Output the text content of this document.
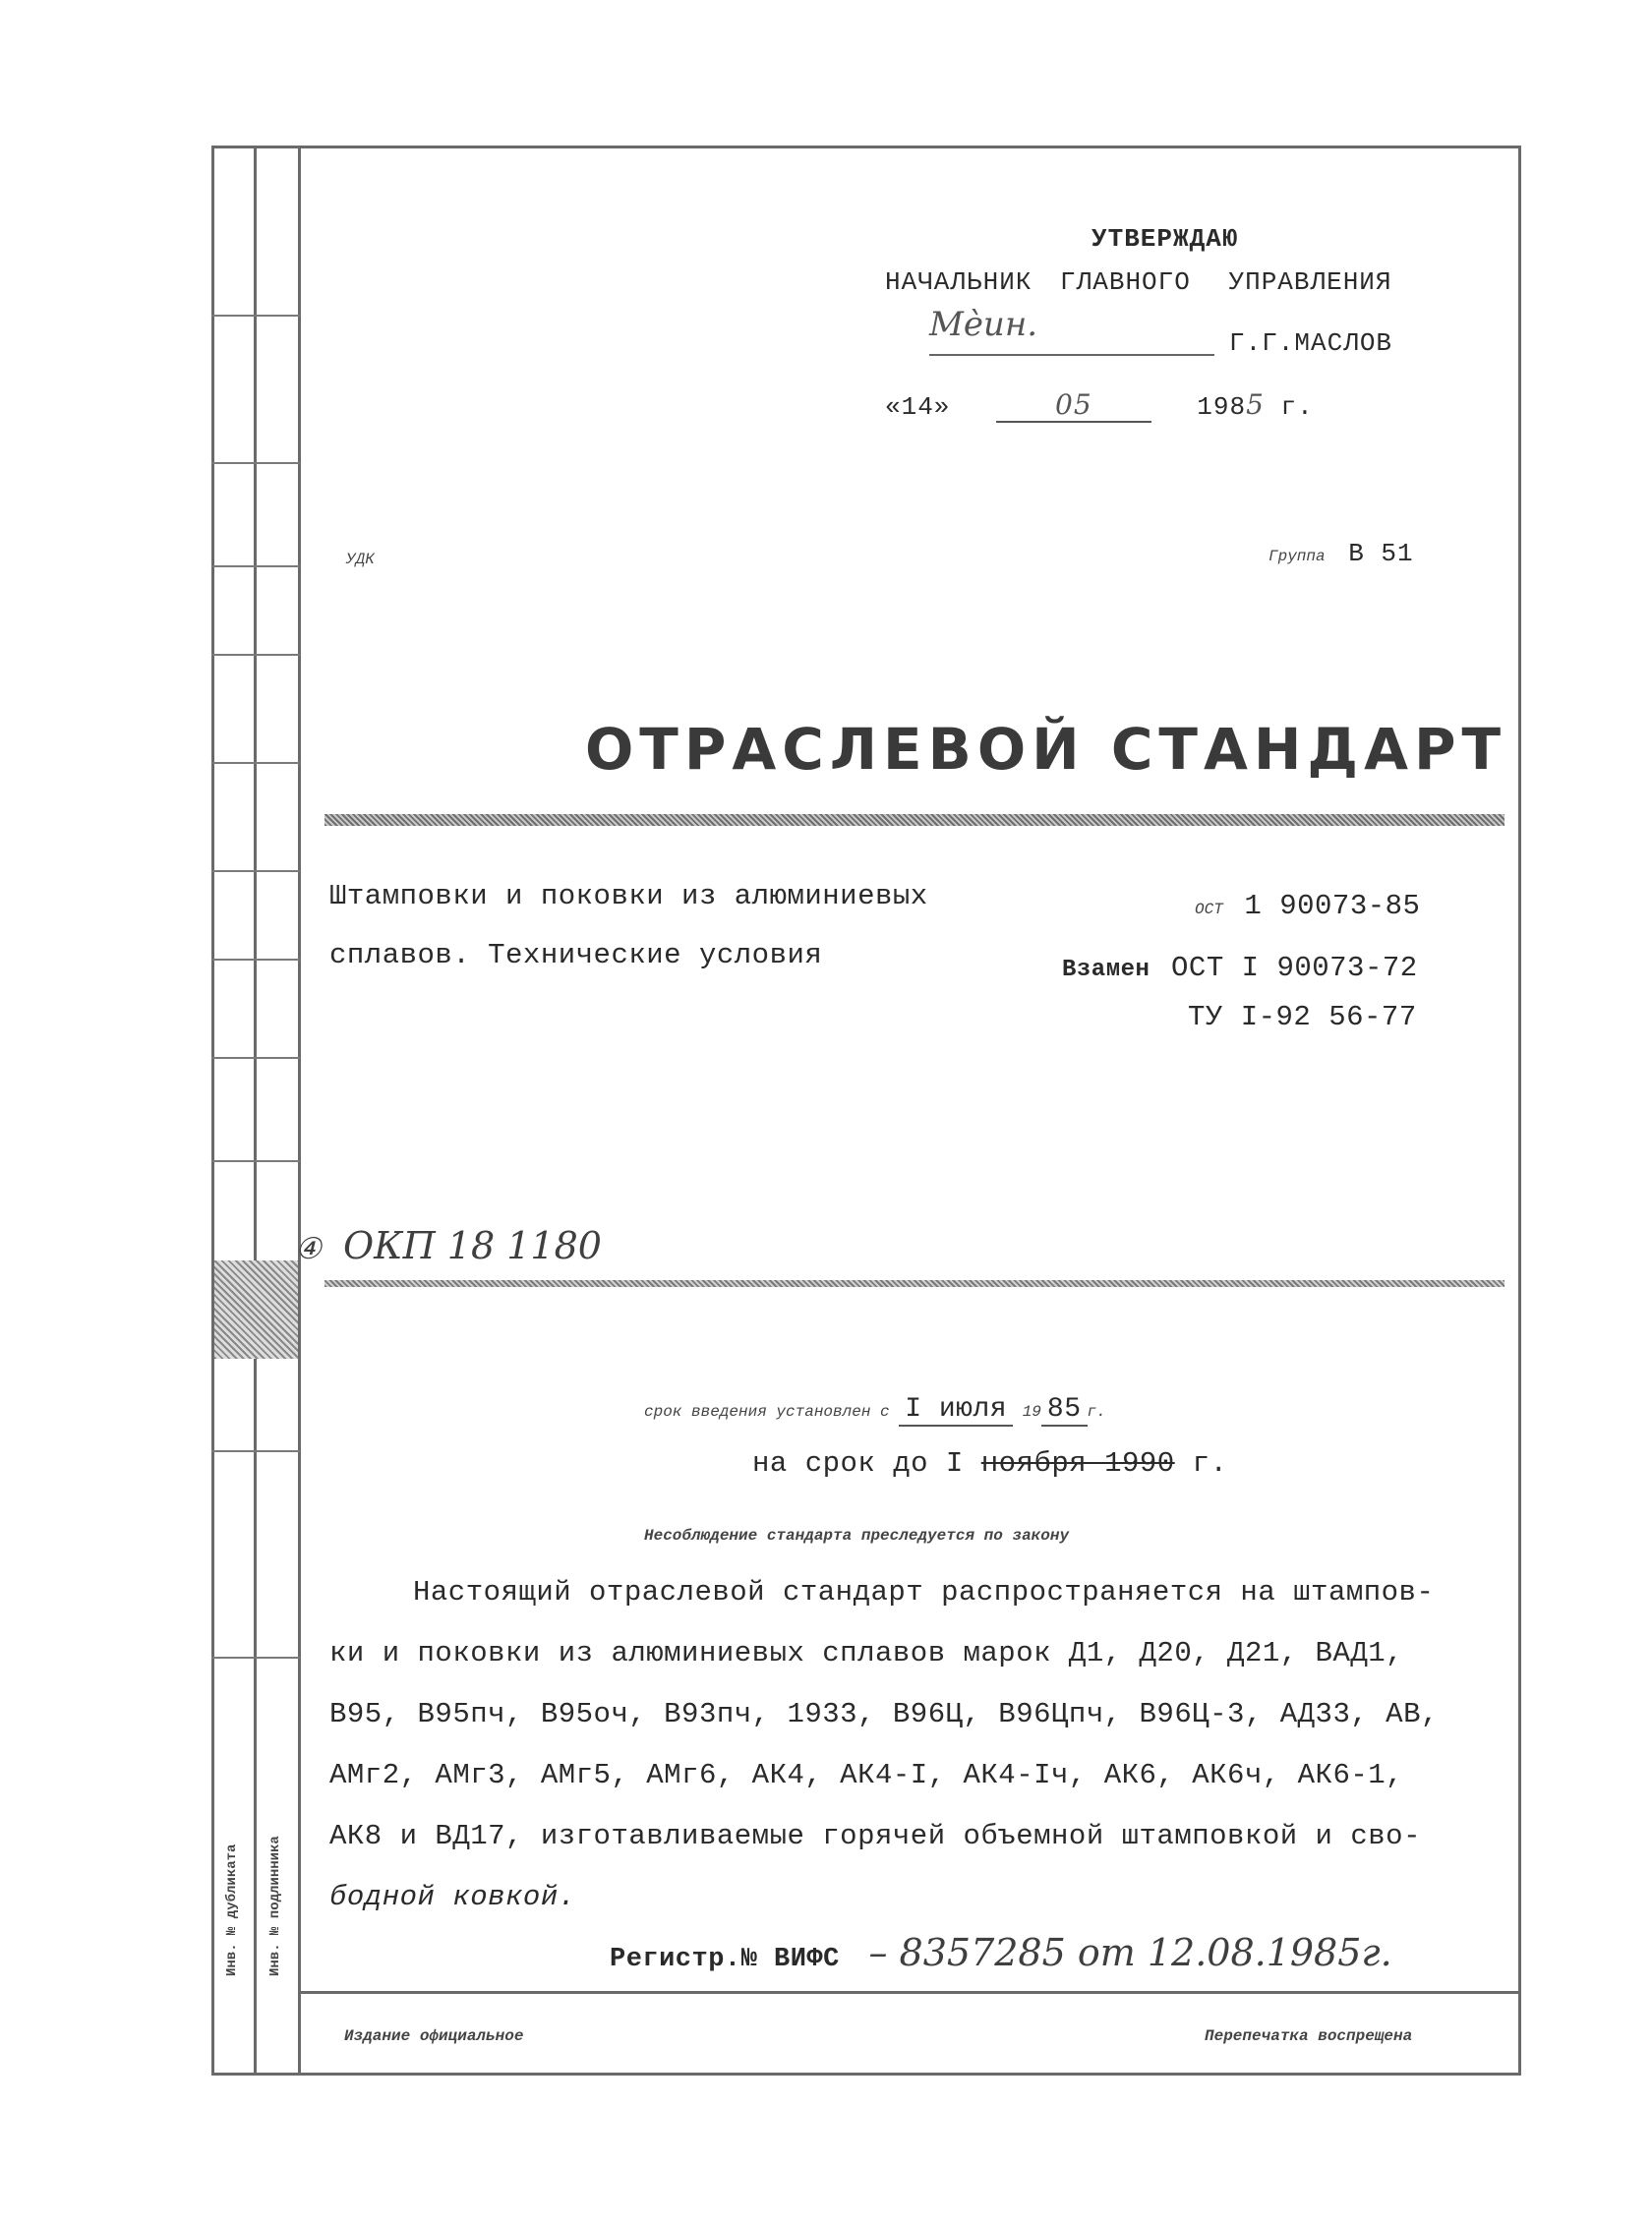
Инв. № дубликата Инв. № подлинника
УТВЕРЖДАЮ
НАЧАЛЬНИК ГЛАВНОГО УПРАВЛЕНИЯ
Мѐин.	Г.Г.МАСЛОВ
«14»	05	1985 г.
УДК	Группа В 51
ОТРАСЛЕВОЙ СТАНДАРТ
Штамповки и поковки из алюминиевых
сплавов. Технические условия
ОСТ 1 90073-85
Взамен ОСТ I 90073-72
ТУ I-92 56-77
④ ОКП 18 1180
срок введения установлен с I июля 19 85 г.
на срок до I ноября 1990 г.
Несоблюдение стандарта преследуется по закону
Настоящий отраслевой стандарт распространяется на штампов-
ки и поковки из алюминиевых сплавов марок Д1, Д20, Д21, ВАД1,
В95, В95пч, В95оч, В93пч, 1933, В96Ц, В96Цпч, В96Ц-3, АД33, АВ,
АМг2, АМг3, АМг5, АМг6, АК4, АК4-I, АК4-Iч, АК6, АК6ч, АК6-1,
АК8 и ВД17, изготавливаемые горячей объемной штамповкой и сво-
бодной ковкой.
Регистр.№ ВИФС – 8357285 от 12.08.1985г.
Издание официальное	Перепечатка воспрещена
